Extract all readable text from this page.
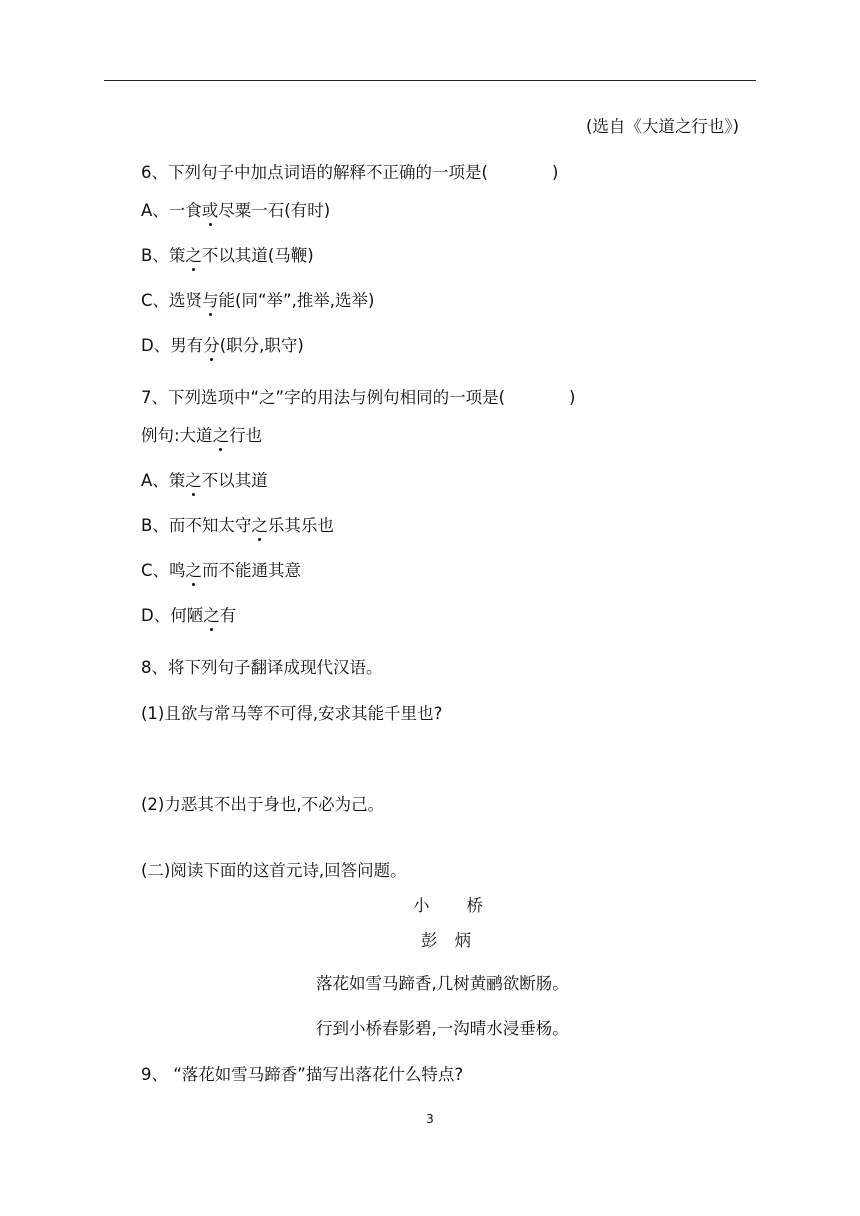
(选自《大道之行也》)
6、下列句子中加点词语的解释不正确的一项是(	)
A、一食或尽粟一石(有时)
B、策之不以其道(马鞭)
C、选贤与能(同“举”,推举,选举)
D、男有分(职分,职守)
7、下列选项中“之”字的用法与例句相同的一项是(	)
例句:大道之行也
A、策之不以其道
B、而不知太守之乐其乐也
C、鸣之而不能通其意
D、何陋之有
8、将下列句子翻译成现代汉语。
(1)且欲与常马等不可得,安求其能千里也?
(2)力恶其不出于身也,不必为己。
(二)阅读下面的这首元诗,回答问题。
小 桥
彭 炳
落花如雪马蹄香,几树黄鹂欲断肠。
行到小桥春影碧,一沟晴水浸垂杨。
9、 “落花如雪马蹄香”描写出落花什么特点?
3
